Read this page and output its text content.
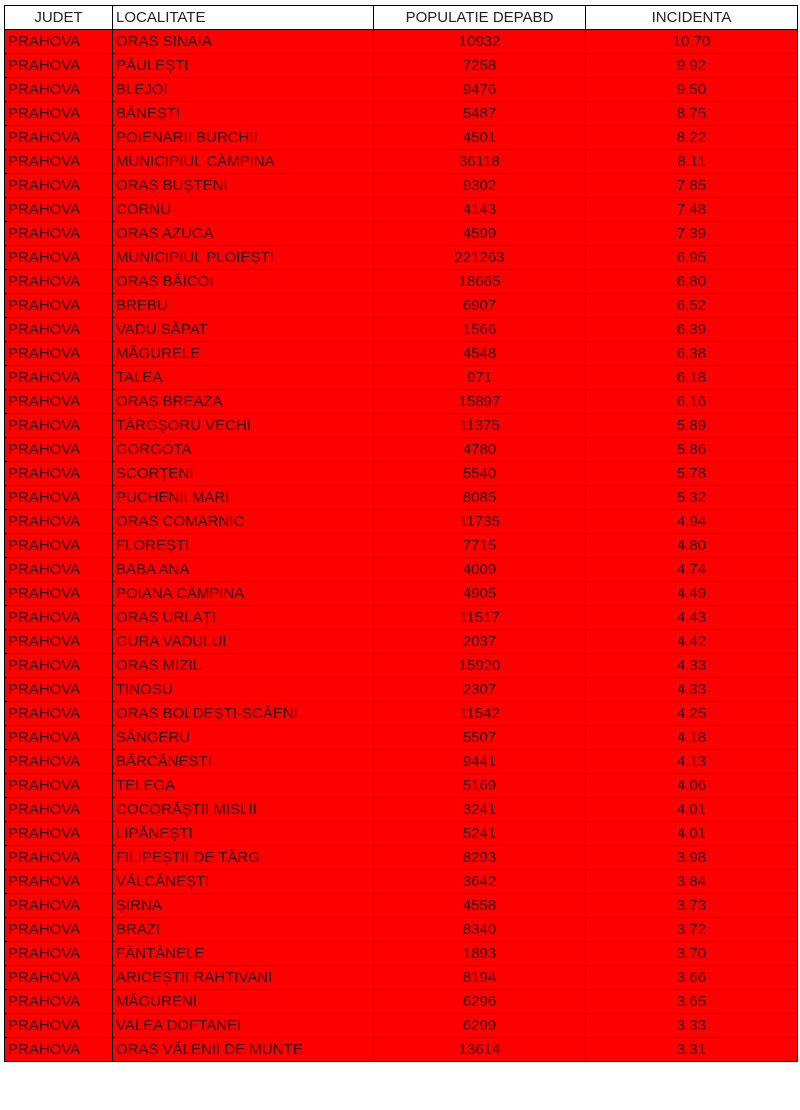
JUDET	LOCALITATE	POPULATIE DEPABD	INCIDENTA
PRAHOVA	ORAȘ SINAIA	10932	10.70
PRAHOVA	PĂULEȘTI	7258	9.92
PRAHOVA	BLEJOI	9476	9.50
PRAHOVA	BĂNEȘTI	5487	8.75
PRAHOVA	POIENARII BURCHII	4501	8.22
PRAHOVA	MUNICIPIUL CÂMPINA	36118	8.11
PRAHOVA	ORAȘ BUȘTENI	9302	7.85
PRAHOVA	CORNU	4143	7.48
PRAHOVA	ORAȘ AZUGA	4599	7.39
PRAHOVA	MUNICIPIUL PLOIEȘTI	221263	6.95
PRAHOVA	ORAȘ BĂICOI	18665	6.80
PRAHOVA	BREBU	6907	6.52
PRAHOVA	VADU SĂPAT	1566	6.39
PRAHOVA	MĂGURELE	4548	6.38
PRAHOVA	TALEA	971	6.18
PRAHOVA	ORAȘ BREAZA	15897	6.16
PRAHOVA	TÂRGȘORU VECHI	11375	5.89
PRAHOVA	GORGOTA	4780	5.86
PRAHOVA	SCORȚENI	5540	5.78
PRAHOVA	PUCHENII MARI	8085	5.32
PRAHOVA	ORAȘ COMARNIC	11735	4.94
PRAHOVA	FLOREȘTI	7715	4.80
PRAHOVA	BABA ANA	4009	4.74
PRAHOVA	POIANA CÂMPINA	4905	4.49
PRAHOVA	ORAȘ URLAȚI	11517	4.43
PRAHOVA	GURA VADULUI	2037	4.42
PRAHOVA	ORAȘ MIZIL	15920	4.33
PRAHOVA	TINOSU	2307	4.33
PRAHOVA	ORAȘ BOLDEȘTI-SCĂENI	11542	4.25
PRAHOVA	SÂNGERU	5507	4.18
PRAHOVA	BĂRCĂNEȘTI	9441	4.13
PRAHOVA	TELEGA	5169	4.06
PRAHOVA	COCORĂȘTII MISLII	3241	4.01
PRAHOVA	LIPĂNEȘTI	5241	4.01
PRAHOVA	FILIPEȘTII DE TÂRG	8293	3.98
PRAHOVA	VÂLCĂNEȘTI	3642	3.84
PRAHOVA	ȘIRNA	4558	3.73
PRAHOVA	BRAZI	8340	3.72
PRAHOVA	FÂNTÂNELE	1893	3.70
PRAHOVA	ARICEȘTII RAHTIVANI	8194	3.66
PRAHOVA	MĂGURENI	6296	3.65
PRAHOVA	VALEA DOFTANEI	6299	3.33
PRAHOVA	ORAȘ VĂLENII DE MUNTE	13614	3.31
